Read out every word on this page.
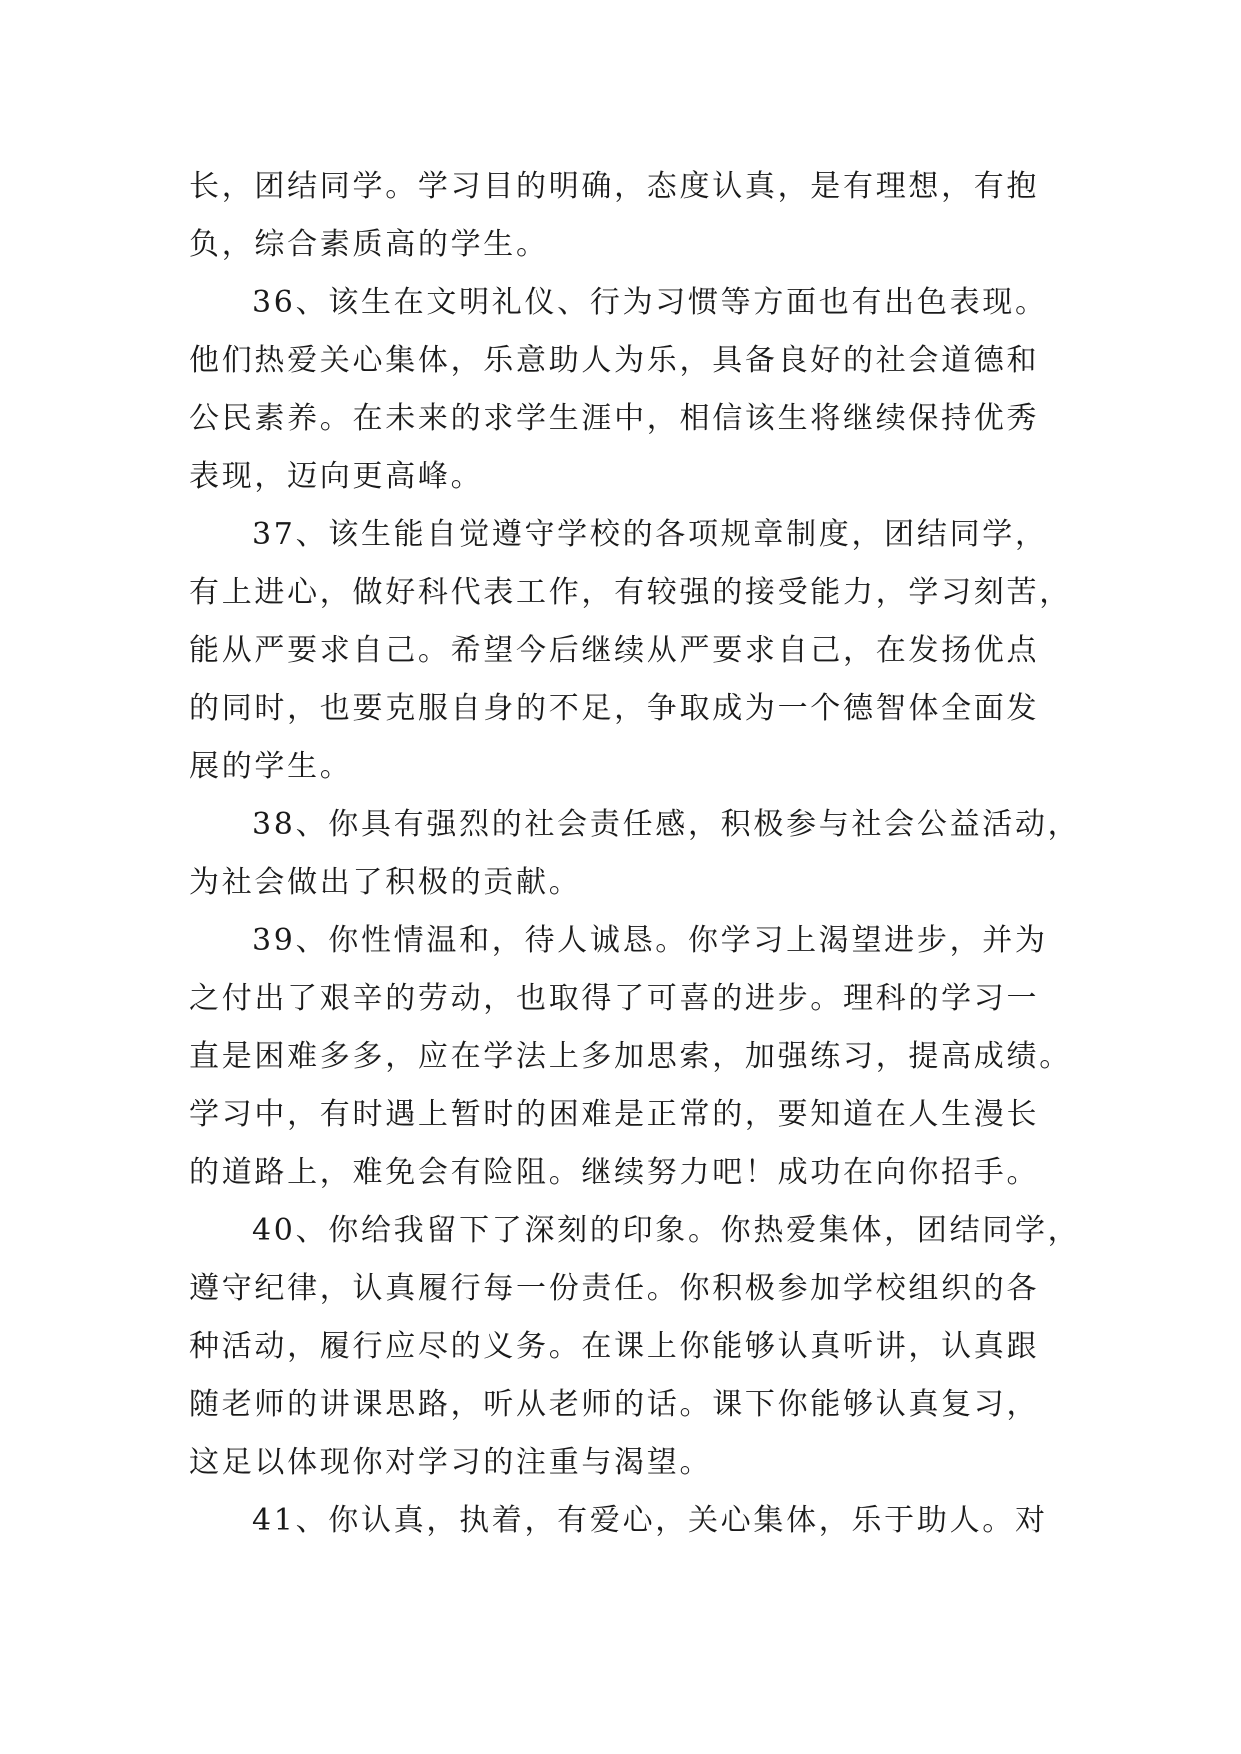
长，团结同学。学习目的明确，态度认真，是有理想，有抱
负，综合素质高的学生。
36、该生在文明礼仪、行为习惯等方面也有出色表现。
他们热爱关心集体，乐意助人为乐，具备良好的社会道德和
公民素养。在未来的求学生涯中，相信该生将继续保持优秀
表现，迈向更高峰。
37、该生能自觉遵守学校的各项规章制度，团结同学，
有上进心，做好科代表工作，有较强的接受能力，学习刻苦，
能从严要求自己。希望今后继续从严要求自己，在发扬优点
的同时，也要克服自身的不足，争取成为一个德智体全面发
展的学生。
38、你具有强烈的社会责任感，积极参与社会公益活动，
为社会做出了积极的贡献。
39、你性情温和，待人诚恳。你学习上渴望进步，并为
之付出了艰辛的劳动，也取得了可喜的进步。理科的学习一
直是困难多多，应在学法上多加思索，加强练习，提高成绩。
学习中，有时遇上暂时的困难是正常的，要知道在人生漫长
的道路上，难免会有险阻。继续努力吧！成功在向你招手。
40、你给我留下了深刻的印象。你热爱集体，团结同学，
遵守纪律，认真履行每一份责任。你积极参加学校组织的各
种活动，履行应尽的义务。在课上你能够认真听讲，认真跟
随老师的讲课思路，听从老师的话。课下你能够认真复习，
这足以体现你对学习的注重与渴望。
41、你认真，执着，有爱心，关心集体，乐于助人。对
